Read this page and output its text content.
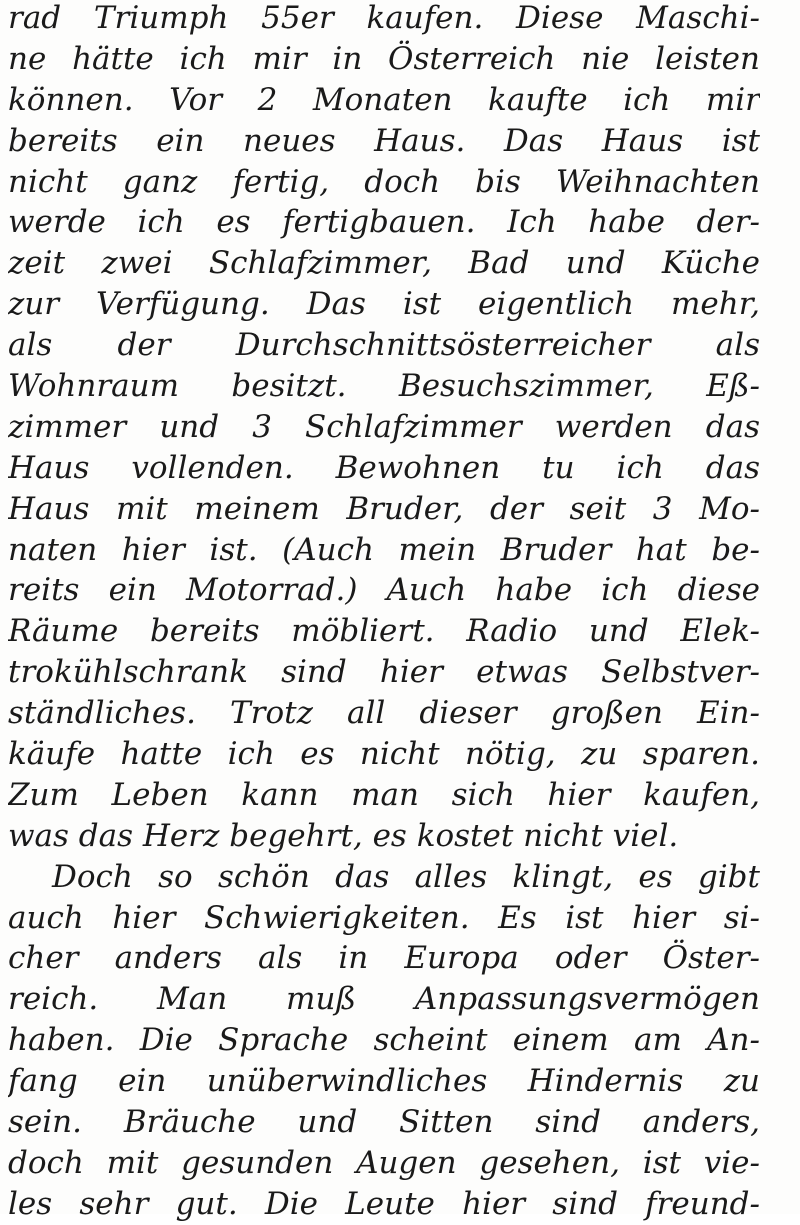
rad Triumph 55er kaufen. Diese Maschi-
ne hätte ich mir in Österreich nie leisten
können. Vor 2 Monaten kaufte ich mir
bereits ein neues Haus. Das Haus ist
nicht ganz fertig, doch bis Weihnachten
werde ich es fertigbauen. Ich habe der-
zeit zwei Schlafzimmer, Bad und Küche
zur Verfügung. Das ist eigentlich mehr,
als der Durchschnittsösterreicher als
Wohnraum besitzt. Besuchszimmer, Eß-
zimmer und 3 Schlafzimmer werden das
Haus vollenden. Bewohnen tu ich das
Haus mit meinem Bruder, der seit 3 Mo-
naten hier ist. (Auch mein Bruder hat be-
reits ein Motorrad.) Auch habe ich diese
Räume bereits möbliert. Radio und Elek-
trokühlschrank sind hier etwas Selbstver-
ständliches. Trotz all dieser großen Ein-
käufe hatte ich es nicht nötig, zu sparen.
Zum Leben kann man sich hier kaufen,
was das Herz begehrt, es kostet nicht viel.
Doch so schön das alles klingt, es gibt
auch hier Schwierigkeiten. Es ist hier si-
cher anders als in Europa oder Öster-
reich. Man muß Anpassungsvermögen
haben. Die Sprache scheint einem am An-
fang ein unüberwindliches Hindernis zu
sein. Bräuche und Sitten sind anders,
doch mit gesunden Augen gesehen, ist vie-
les sehr gut. Die Leute hier sind freund-
